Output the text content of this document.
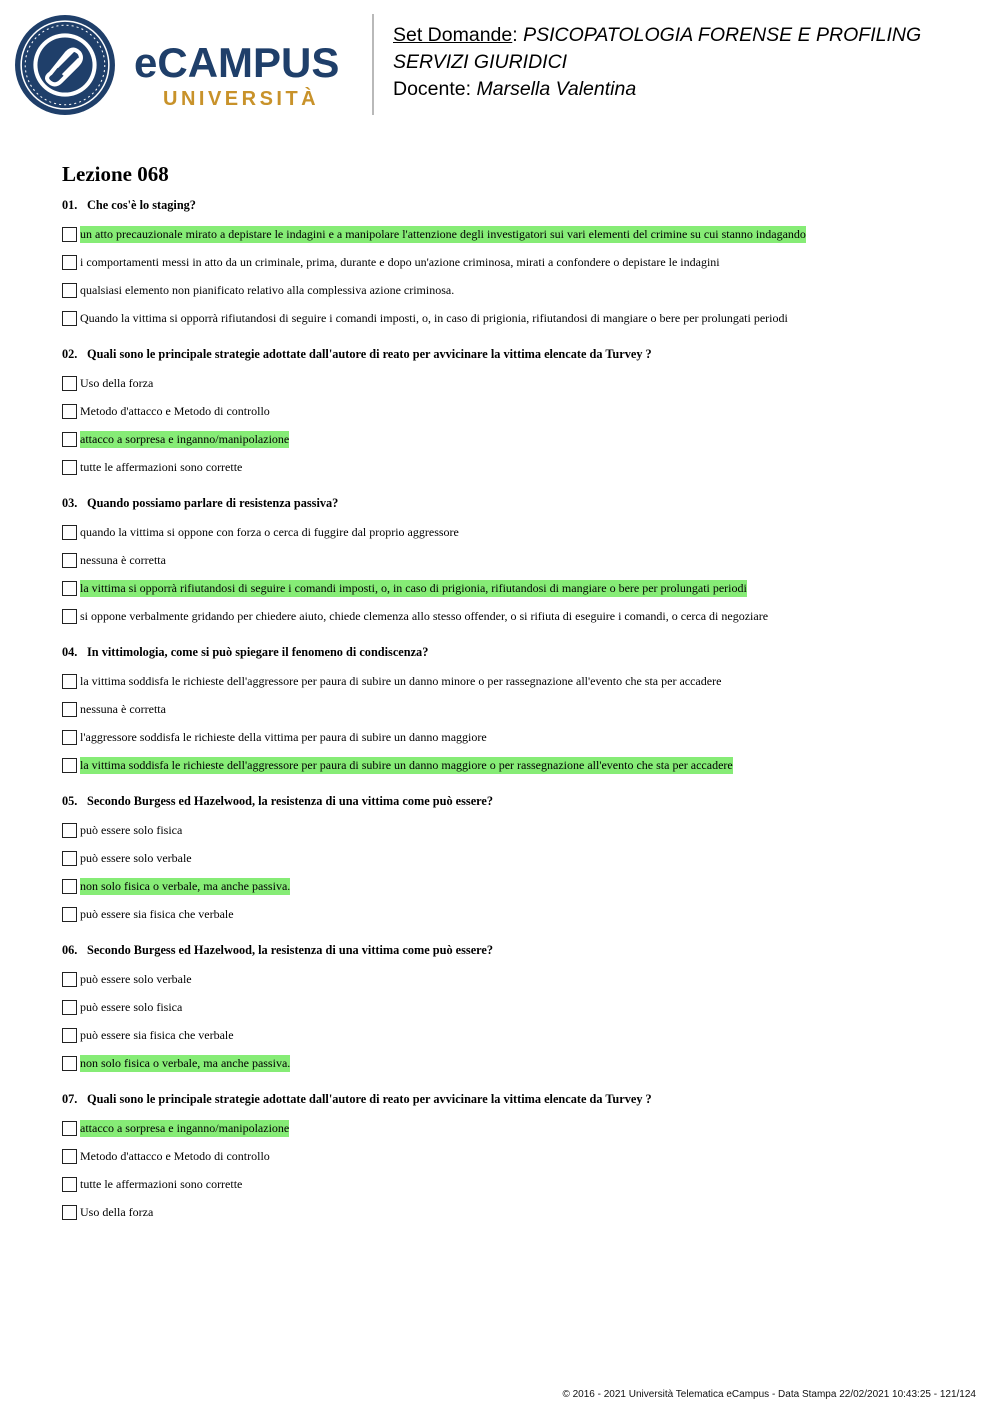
eCAMPUS
UNIVERSITÀ
Set Domande: PSICOPATOLOGIA FORENSE E PROFILING
SERVIZI GIURIDICI
Docente: Marsella Valentina
Lezione 068
01. Che cos'è lo staging?
un atto precauzionale mirato a depistare le indagini e a manipolare l'attenzione degli investigatori sui vari elementi del crimine su cui stanno indagando
i comportamenti messi in atto da un criminale, prima, durante e dopo un'azione criminosa, mirati a confondere o depistare le indagini
qualsiasi elemento non pianificato relativo alla complessiva azione criminosa.
Quando la vittima si opporrà rifiutandosi di seguire i comandi imposti, o, in caso di prigionia, rifiutandosi di mangiare o bere per prolungati periodi
02. Quali sono le principale strategie adottate dall'autore di reato per avvicinare la vittima elencate da Turvey ?
Uso della forza
Metodo d'attacco e Metodo di controllo
attacco a sorpresa e inganno/manipolazione
tutte le affermazioni sono corrette
03. Quando possiamo parlare di resistenza passiva?
quando la vittima si oppone con forza o cerca di fuggire dal proprio aggressore
nessuna è corretta
la vittima si opporrà rifiutandosi di seguire i comandi imposti, o, in caso di prigionia, rifiutandosi di mangiare o bere per prolungati periodi
si oppone verbalmente gridando per chiedere aiuto, chiede clemenza allo stesso offender, o si rifiuta di eseguire i comandi, o cerca di negoziare
04. In vittimologia, come si può spiegare il fenomeno di condiscenza?
la vittima soddisfa le richieste dell'aggressore per paura di subire un danno minore o per rassegnazione all'evento che sta per accadere
nessuna è corretta
l'aggressore soddisfa le richieste della vittima per paura di subire un danno maggiore
la vittima soddisfa le richieste dell'aggressore per paura di subire un danno maggiore o per rassegnazione all'evento che sta per accadere
05. Secondo Burgess ed Hazelwood, la resistenza di una vittima come può essere?
può essere solo fisica
può essere solo verbale
non solo fisica o verbale, ma anche passiva.
può essere sia fisica che verbale
06. Secondo Burgess ed Hazelwood, la resistenza di una vittima come può essere?
può essere solo verbale
può essere solo fisica
può essere sia fisica che verbale
non solo fisica o verbale, ma anche passiva.
07. Quali sono le principale strategie adottate dall'autore di reato per avvicinare la vittima elencate da Turvey ?
attacco a sorpresa e inganno/manipolazione
Metodo d'attacco e Metodo di controllo
tutte le affermazioni sono corrette
Uso della forza
© 2016 - 2021 Università Telematica eCampus - Data Stampa 22/02/2021 10:43:25 - 121/124
